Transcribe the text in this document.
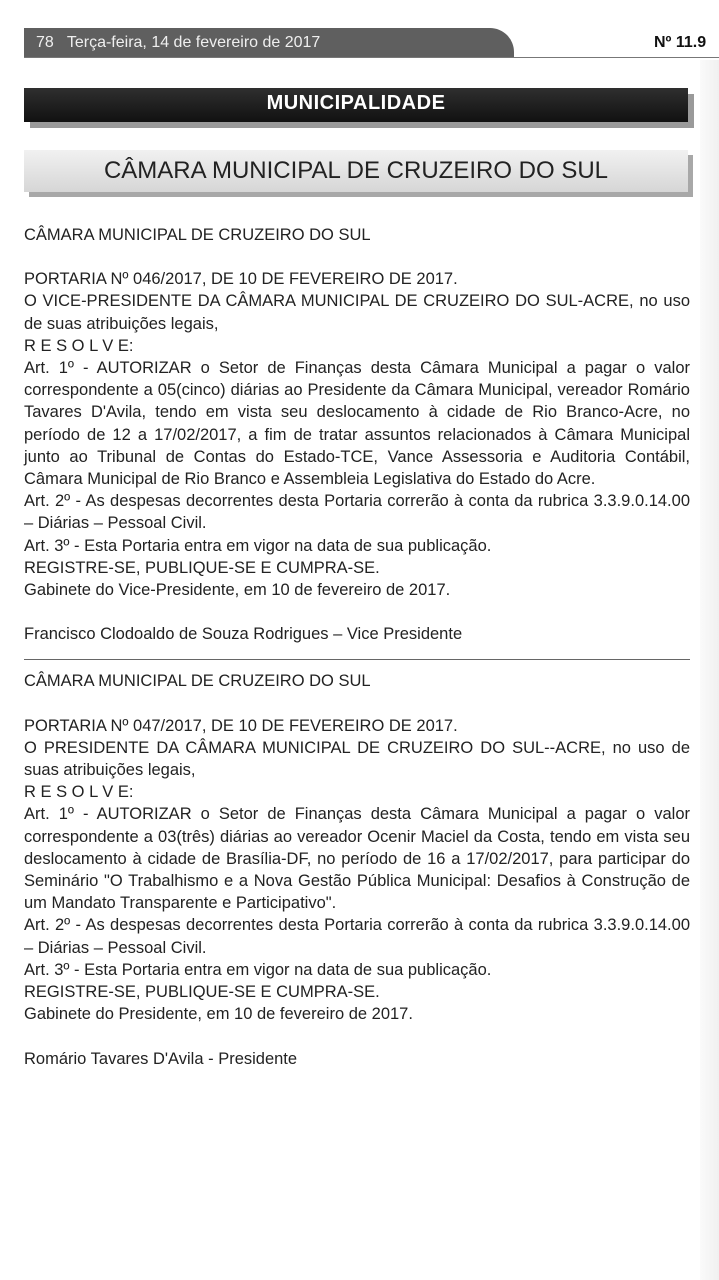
78 Terça-feira, 14 de fevereiro de 2017	Nº 11.9
MUNICIPALIDADE
CÂMARA MUNICIPAL DE CRUZEIRO DO SUL

CÂMARA MUNICIPAL DE CRUZEIRO DO SUL

PORTARIA Nº 046/2017, DE 10 DE FEVEREIRO DE 2017.

O VICE-PRESIDENTE DA CÂMARA MUNICIPAL DE CRUZEIRO DO SUL-ACRE, no uso de suas atribuições legais,

R E S O L V E:

Art. 1º - AUTORIZAR o Setor de Finanças desta Câmara Municipal a pagar o valor correspondente a 05(cinco) diárias ao Presidente da Câmara Municipal, vereador Romário Tavares D'Avila, tendo em vista seu deslocamento à cidade de Rio Branco-Acre, no período de 12 a 17/02/2017, a fim de tratar assuntos relacionados à Câmara Municipal junto ao Tribunal de Contas do Estado-TCE, Vance Assessoria e Auditoria Contábil, Câmara Municipal de Rio Branco e Assembleia Legislativa do Estado do Acre.

Art. 2º - As despesas decorrentes desta Portaria correrão à conta da rubrica 3.3.9.0.14.00 – Diárias – Pessoal Civil.

Art. 3º - Esta Portaria entra em vigor na data de sua publicação.

REGISTRE-SE, PUBLIQUE-SE E CUMPRA-SE.

Gabinete do Vice-Presidente, em 10 de fevereiro de 2017.

Francisco Clodoaldo de Souza Rodrigues – Vice Presidente

CÂMARA MUNICIPAL DE CRUZEIRO DO SUL

PORTARIA Nº 047/2017, DE 10 DE FEVEREIRO DE 2017.

O PRESIDENTE DA CÂMARA MUNICIPAL DE CRUZEIRO DO SUL--ACRE, no uso de suas atribuições legais,

R E S O L V E:

Art. 1º - AUTORIZAR o Setor de Finanças desta Câmara Municipal a pagar o valor correspondente a 03(três) diárias ao vereador Ocenir Maciel da Costa, tendo em vista seu deslocamento à cidade de Brasília-DF, no período de 16 a 17/02/2017, para participar do Seminário "O Trabalhismo e a Nova Gestão Pública Municipal: Desafios à Construção de um Mandato Transparente e Participativo".

Art. 2º - As despesas decorrentes desta Portaria correrão à conta da rubrica 3.3.9.0.14.00 – Diárias – Pessoal Civil.

Art. 3º - Esta Portaria entra em vigor na data de sua publicação.

REGISTRE-SE, PUBLIQUE-SE E CUMPRA-SE.

Gabinete do Presidente, em 10 de fevereiro de 2017.

Romário Tavares D'Avila - Presidente
